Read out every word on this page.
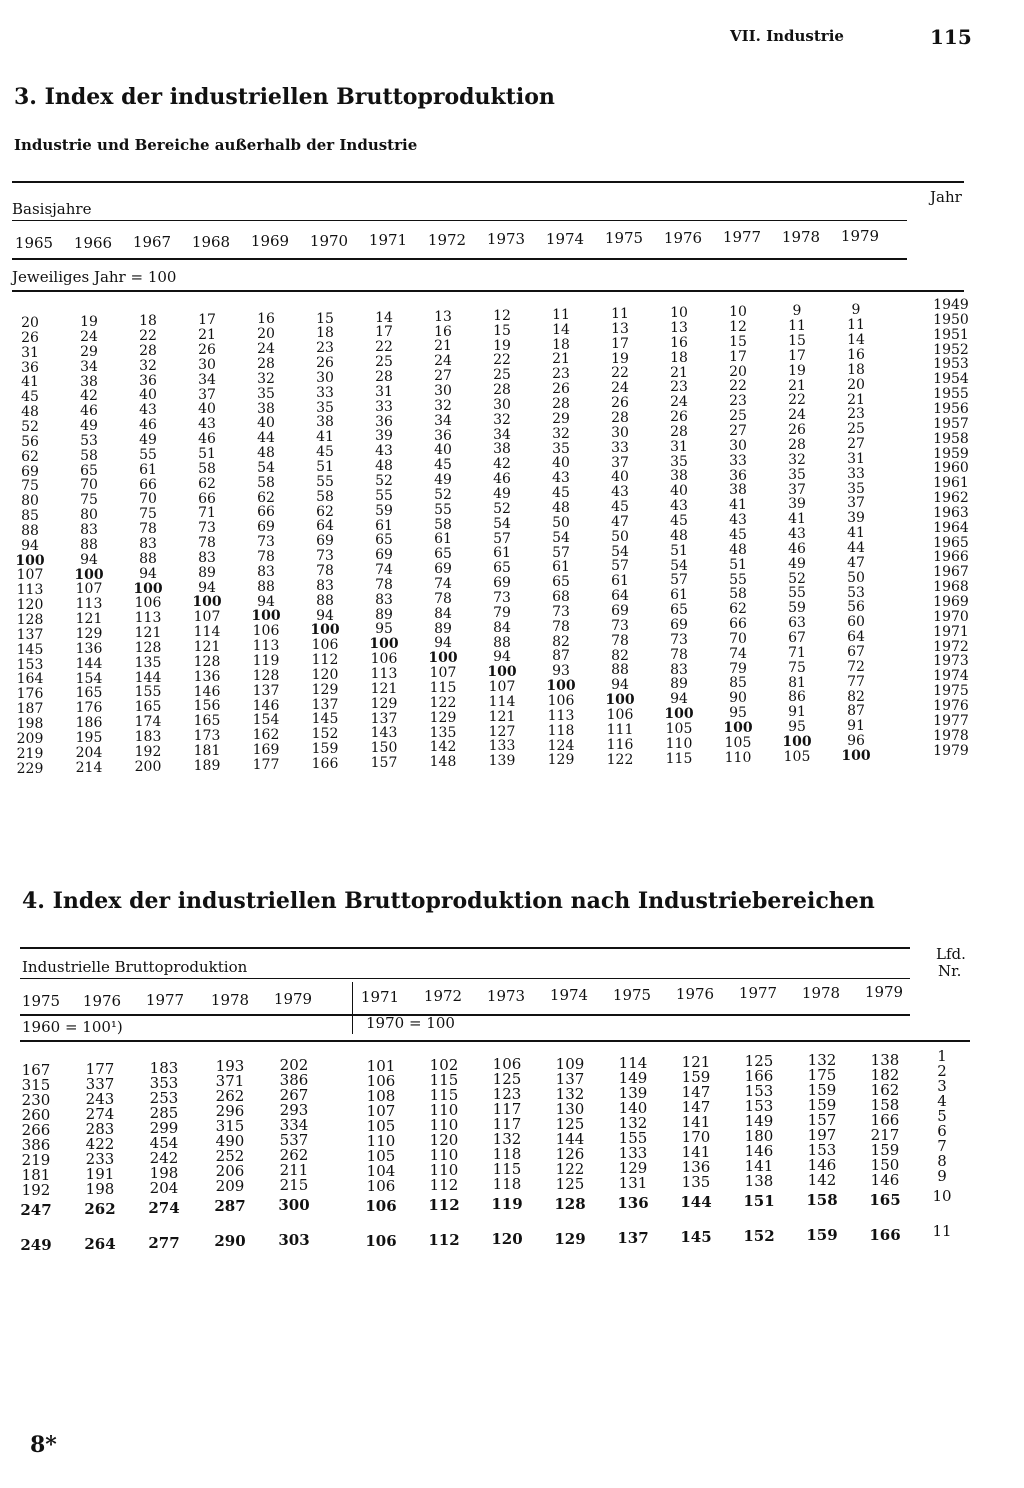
VII. Industrie	115
3. Index der industriellen Bruttoproduktion
Industrie und Bereiche außerhalb der Industrie
Basisjahre
Jahr
1965	1966	1967	1968	1969	1970	1971	1972	1973	1974	1975	1976	1977	1978	1979
Jeweiliges Jahr = 100
20	19	18	17	16	15	14	13	12	11	11	10	10	9	9	1949
26	24	22	21	20	18	17	16	15	14	13	13	12	11	11	1950
31	29	28	26	24	23	22	21	19	18	17	16	15	15	14	1951
36	34	32	30	28	26	25	24	22	21	19	18	17	17	16	1952
41	38	36	34	32	30	28	27	25	23	22	21	20	19	18	1953
45	42	40	37	35	33	31	30	28	26	24	23	22	21	20	1954
48	46	43	40	38	35	33	32	30	28	26	24	23	22	21	1955
52	49	46	43	40	38	36	34	32	29	28	26	25	24	23	1956
56	53	49	46	44	41	39	36	34	32	30	28	27	26	25	1957
62	58	55	51	48	45	43	40	38	35	33	31	30	28	27	1958
69	65	61	58	54	51	48	45	42	40	37	35	33	32	31	1959
75	70	66	62	58	55	52	49	46	43	40	38	36	35	33	1960
80	75	70	66	62	58	55	52	49	45	43	40	38	37	35	1961
85	80	75	71	66	62	59	55	52	48	45	43	41	39	37	1962
88	83	78	73	69	64	61	58	54	50	47	45	43	41	39	1963
94	88	83	78	73	69	65	61	57	54	50	48	45	43	41	1964
100	94	88	83	78	73	69	65	61	57	54	51	48	46	44	1965
107	100	94	89	83	78	74	69	65	61	57	54	51	49	47	1966
113	107	100	94	88	83	78	74	69	65	61	57	55	52	50	1967
120	113	106	100	94	88	83	78	73	68	64	61	58	55	53	1968
128	121	113	107	100	94	89	84	79	73	69	65	62	59	56	1969
137	129	121	114	106	100	95	89	84	78	73	69	66	63	60	1970
145	136	128	121	113	106	100	94	88	82	78	73	70	67	64	1971
153	144	135	128	119	112	106	100	94	87	82	78	74	71	67	1972
164	154	144	136	128	120	113	107	100	93	88	83	79	75	72	1973
176	165	155	146	137	129	121	115	107	100	94	89	85	81	77	1974
187	176	165	156	146	137	129	122	114	106	100	94	90	86	82	1975
198	186	174	165	154	145	137	129	121	113	106	100	95	91	87	1976
209	195	183	173	162	152	143	135	127	118	111	105	100	95	91	1977
219	204	192	181	169	159	150	142	133	124	116	110	105	100	96	1978
229	214	200	189	177	166	157	148	139	129	122	115	110	105	100	1979
4. Index der industriellen Bruttoproduktion nach Industriebereichen
Industrielle Bruttoproduktion
Lfd.
Nr.
1975	1976	1977	1978	1979	1971	1972	1973	1974	1975	1976	1977	1978	1979
1960 = 100¹)	1970 = 100
167	177	183	193	202	101	102	106	109	114	121	125	132	138	1
315	337	353	371	386	106	115	125	137	149	159	166	175	182	2
230	243	253	262	267	108	115	123	132	139	147	153	159	162	3
260	274	285	296	293	107	110	117	130	140	147	153	159	158	4
266	283	299	315	334	105	110	117	125	132	141	149	157	166	5
386	422	454	490	537	110	120	132	144	155	170	180	197	217	6
219	233	242	252	262	105	110	118	126	133	141	146	153	159	7
181	191	198	206	211	104	110	115	122	129	136	141	146	150	8
192	198	204	209	215	106	112	118	125	131	135	138	142	146	9
247	262	274	287	300	106	112	119	128	136	144	151	158	165	10
249	264	277	290	303	106	112	120	129	137	145	152	159	166	11
8*
